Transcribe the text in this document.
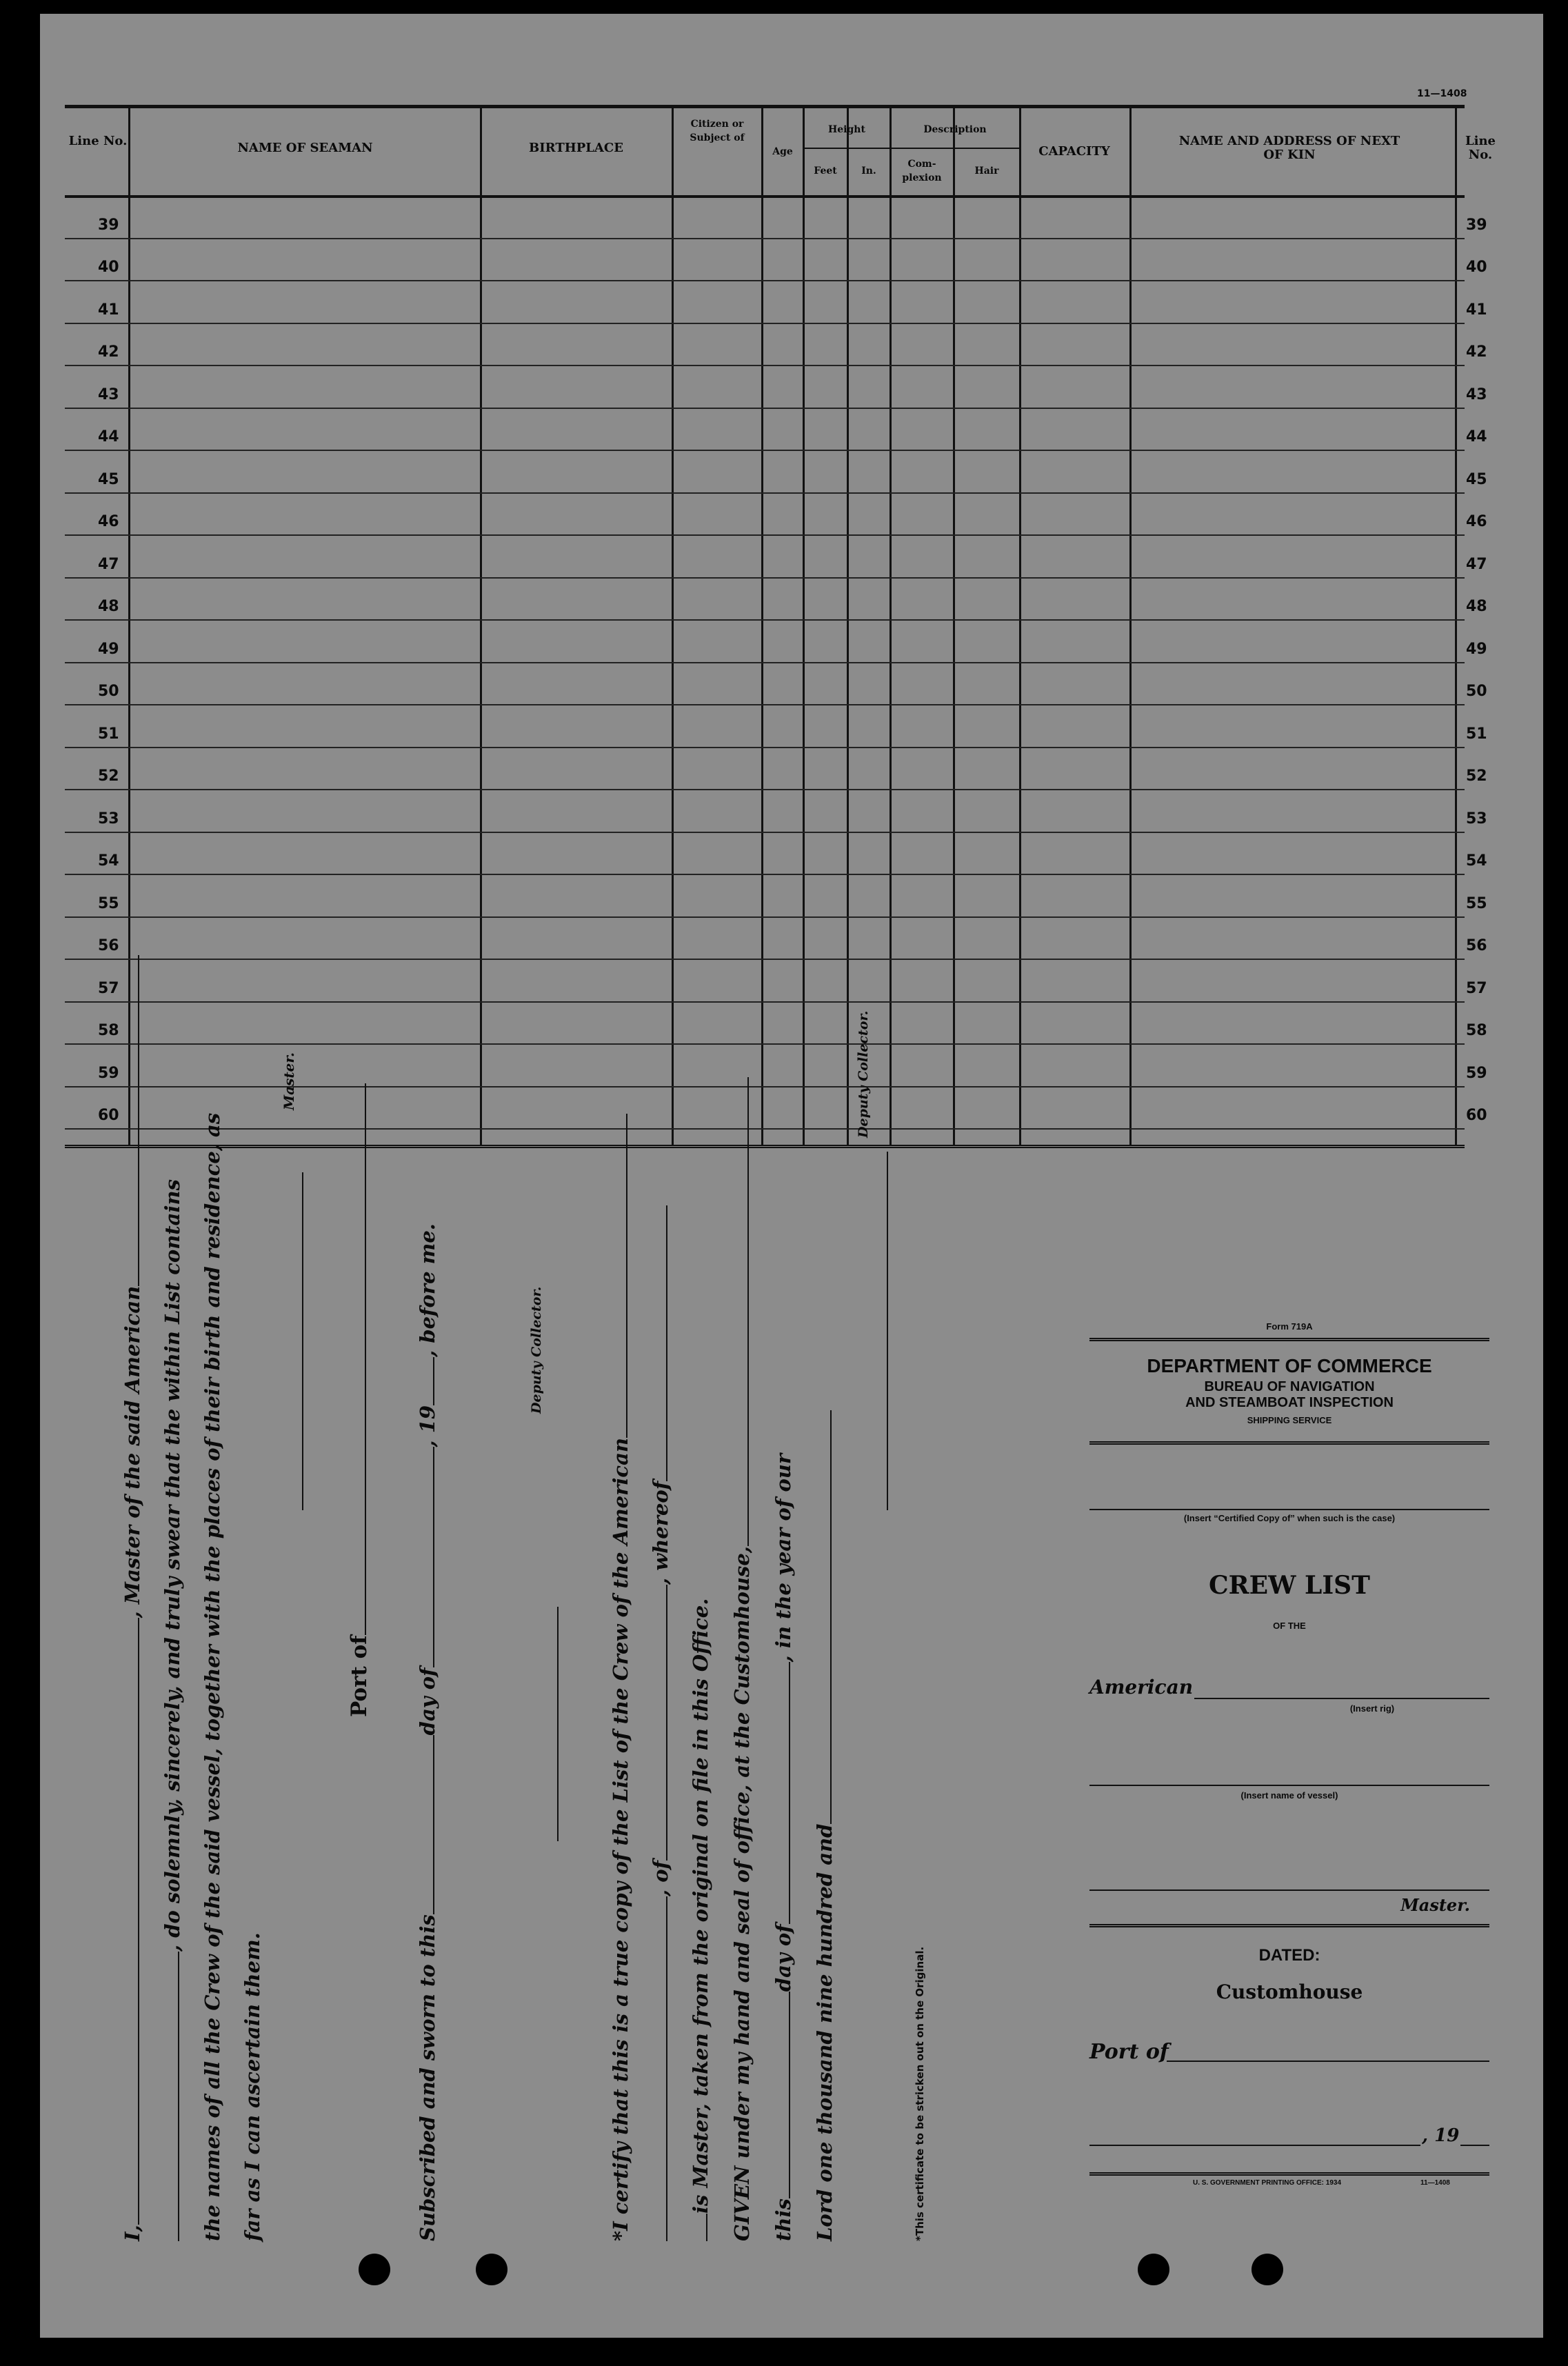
11—1408
Line No.	NAME OF SEAMAN	BIRTHPLACE
Citizen or Subject of
Age
Height
Feet	In.
Description
Com-plexion
Hair
CAPACITY
NAME AND ADDRESS OF NEXT OF KIN
Line No.
39	39
40	40
41	41
42	42
43	43
44	44
45	45
46	46
47	47
48	48
49	49
50	50
51	51
52	52
53	53
54	54
55	55
56	56
57	57
58	58
59	59
60	60
I,, Master of the said American , do solemnly, sincerely, and truly swear that the within List contains the names of all the Crew of the said vessel, together with the places of their birth and residence, as far as I can ascertain them.
Master.
Port of
Subscribed and sworn to thisday of, 19, before me.	Deputy Collector.
*I certify that this is a true copy of the List of the Crew of the American , of, whereof
is Master, taken from the original on file in this Office. GIVEN under my hand and seal of office, at the Customhouse, thisday of, in the year of our
Lord one thousand nine hundred and
Deputy Collector.
*This certificate to be stricken out on the Original.
Form 719A
DEPARTMENT OF COMMERCE
BUREAU OF NAVIGATION
AND STEAMBOAT INSPECTION
SHIPPING SERVICE
(Insert “Certified Copy of” when such is the case)
CREW LIST
OF THE
American
(Insert rig)
(Insert name of vessel)
Master.
DATED:
Customhouse
Port of
, 19
U. S. GOVERNMENT PRINTING OFFICE: 1934	11—1408
